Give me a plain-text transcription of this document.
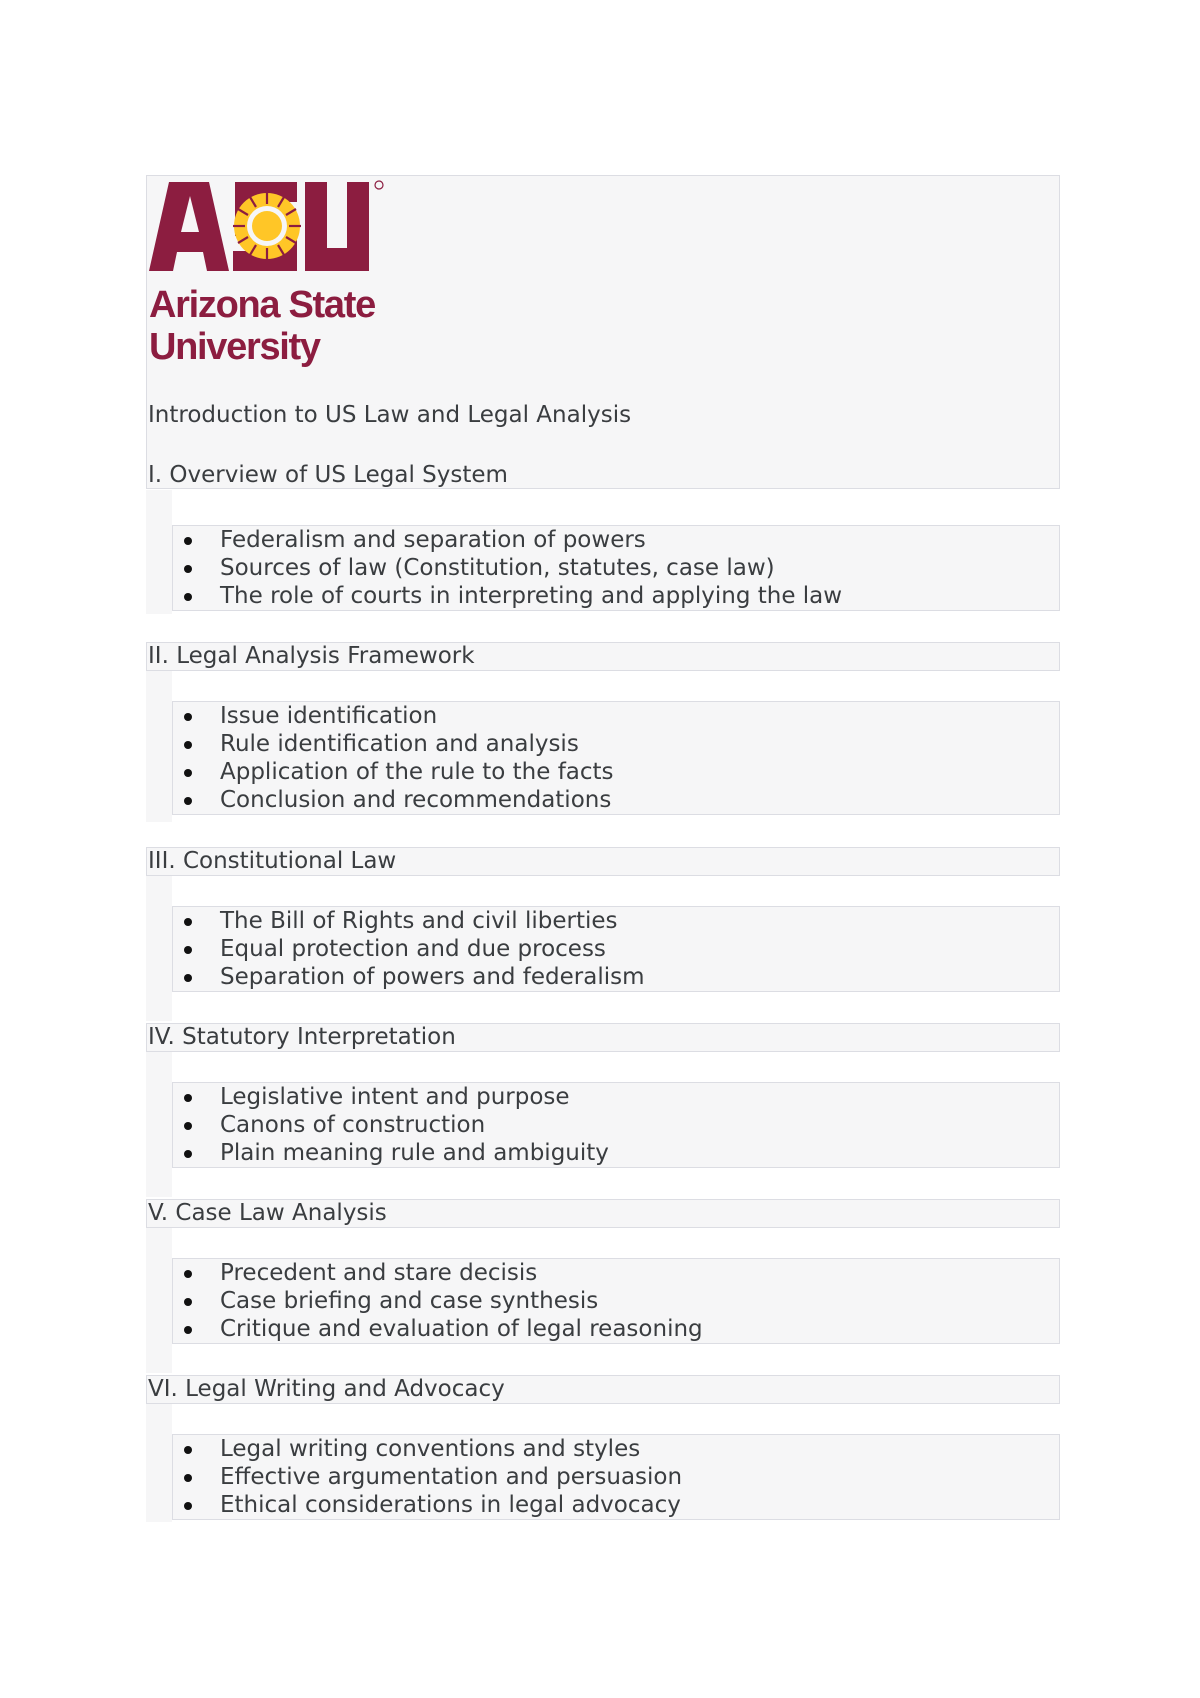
Arizona State
University
Introduction to US Law and Legal Analysis
I. Overview of US Legal System
Federalism and separation of powers
Sources of law (Constitution, statutes, case law)
The role of courts in interpreting and applying the law
II. Legal Analysis Framework
Issue identification
Rule identification and analysis
Application of the rule to the facts
Conclusion and recommendations
III. Constitutional Law
The Bill of Rights and civil liberties
Equal protection and due process
Separation of powers and federalism
IV. Statutory Interpretation
Legislative intent and purpose
Canons of construction
Plain meaning rule and ambiguity
V. Case Law Analysis
Precedent and stare decisis
Case briefing and case synthesis
Critique and evaluation of legal reasoning
VI. Legal Writing and Advocacy
Legal writing conventions and styles
Effective argumentation and persuasion
Ethical considerations in legal advocacy
